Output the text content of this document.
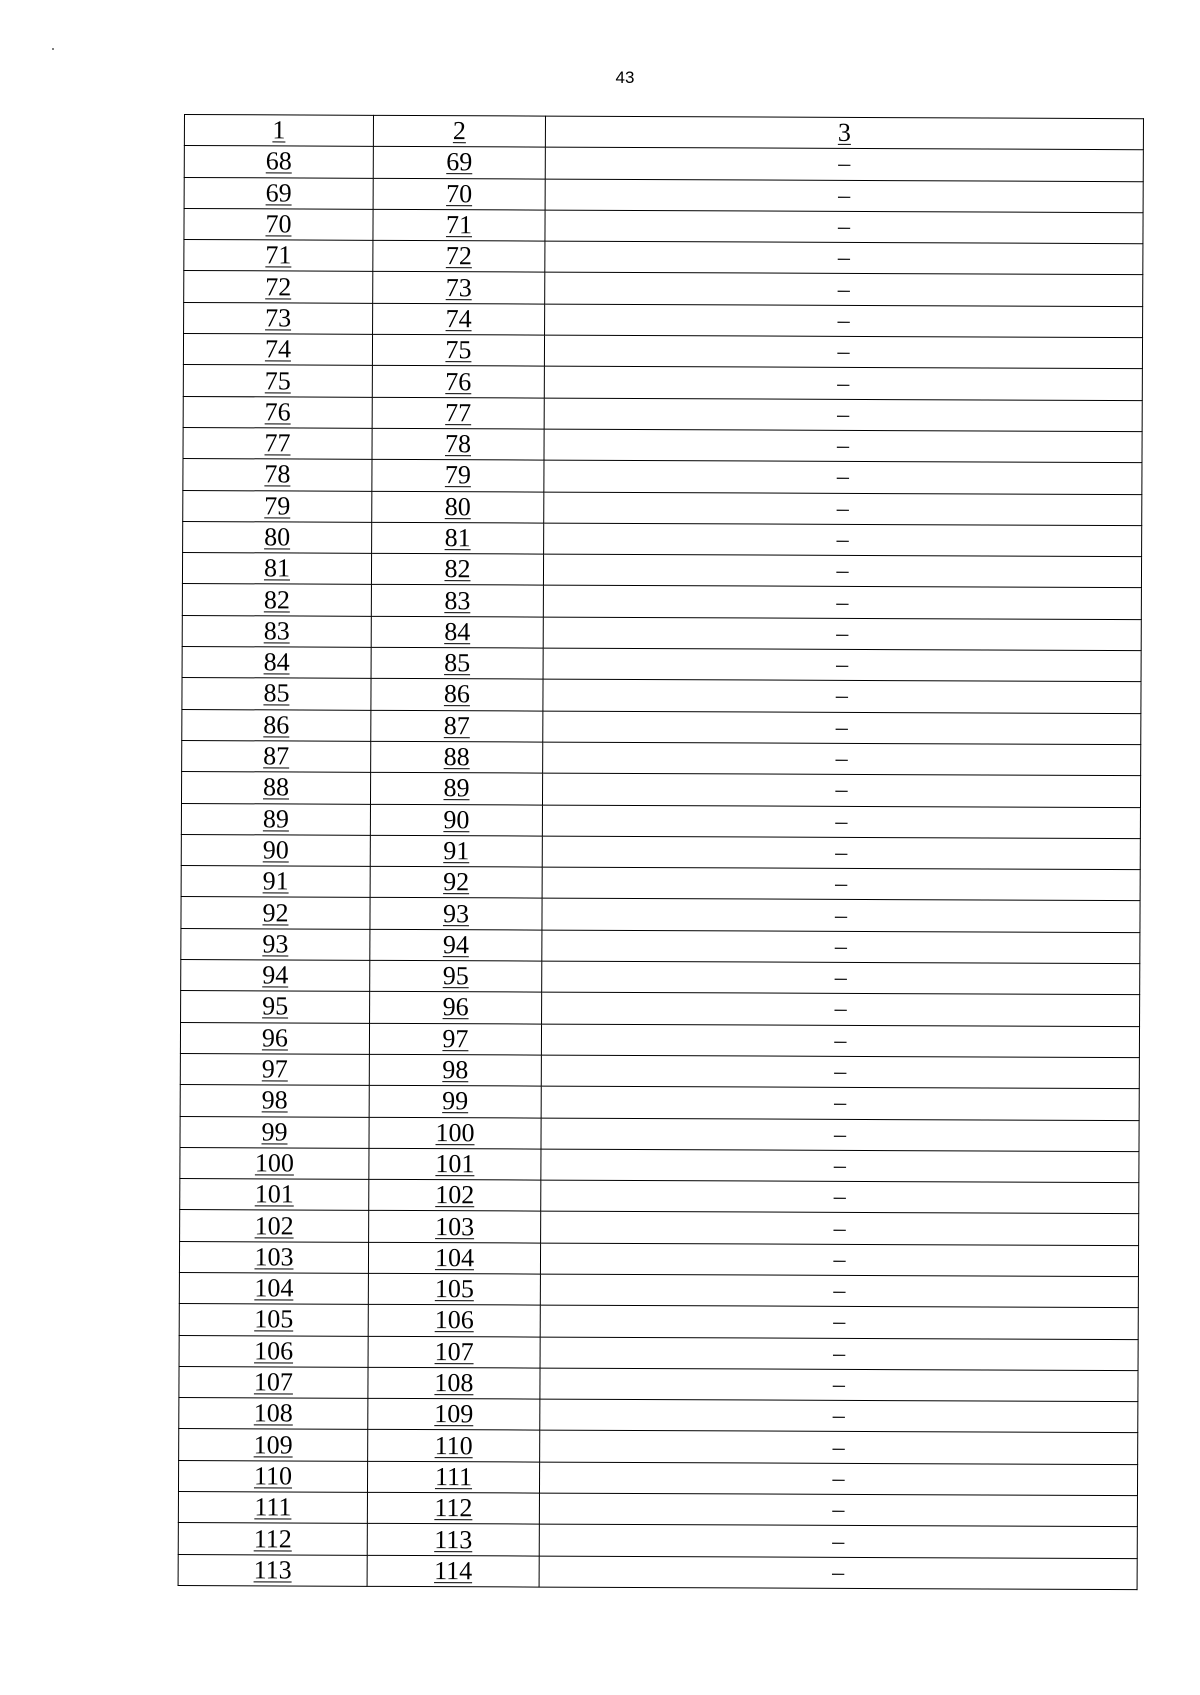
43
1	2	3
68	69	–
69	70	–
70	71	–
71	72	–
72	73	–
73	74	–
74	75	–
75	76	–
76	77	–
77	78	–
78	79	–
79	80	–
80	81	–
81	82	–
82	83	–
83	84	–
84	85	–
85	86	–
86	87	–
87	88	–
88	89	–
89	90	–
90	91	–
91	92	–
92	93	–
93	94	–
94	95	–
95	96	–
96	97	–
97	98	–
98	99	–
99	100	–
100	101	–
101	102	–
102	103	–
103	104	–
104	105	–
105	106	–
106	107	–
107	108	–
108	109	–
109	110	–
110	111	–
111	112	–
112	113	–
113	114	–
